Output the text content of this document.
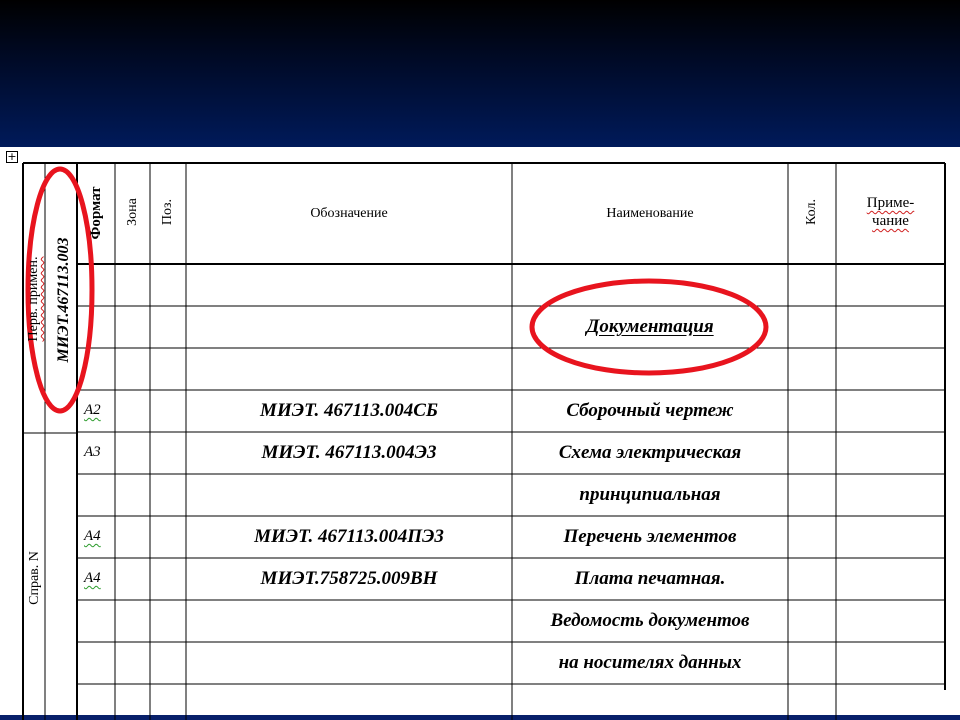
+
Формат Зона Поз.	Обозначение	Наименование	Кол.	Приме-
чание
Перв. примен. МИЭТ.467113.003
Справ. N
Документация
А2	МИЭТ. 467113.004СБ	Сборочный чертеж
А3	МИЭТ. 467113.004Э3	Схема электрическая
принципиальная
А4	МИЭТ. 467113.004ПЭ3	Перечень элементов
А4	МИЭТ.758725.009ВН	Плата печатная.
Ведомость документов
на носителях данных
